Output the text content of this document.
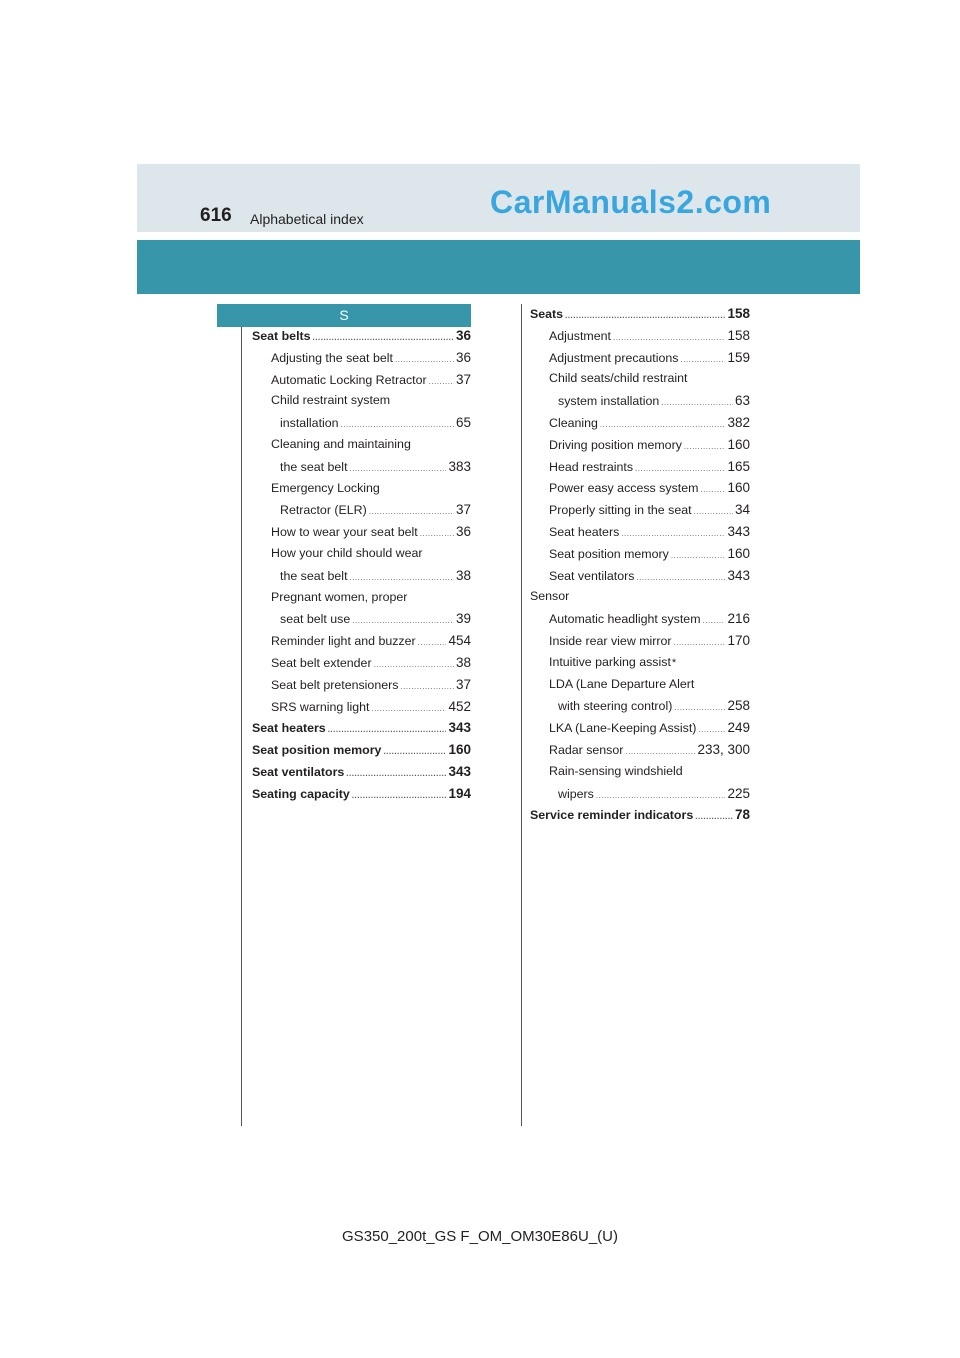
616 Alphabetical index	CarManuals2.com
S
Seat belts .....	36
Adjusting the seat belt .....	36
Automatic Locking Retractor ..... 37
Child restraint system
installation .....	65
Cleaning and maintaining
the seat belt .....	383
Emergency Locking
Retractor (ELR) .....	37
How to wear your seat belt .....	36
How your child should wear
the seat belt .....	38
Pregnant women, proper
seat belt use .....	39
Reminder light and buzzer ..... 454
Seat belt extender .....	38
Seat belt pretensioners .....	37
SRS warning light .....	452
Seat heaters .....	343
Seat position memory .....	160
Seat ventilators .....	343
Seating capacity .....	194
Seats .....	158
Adjustment .....	158
Adjustment precautions .....	159
Child seats/child restraint
system installation .....	63
Cleaning .....	382
Driving position memory .....	160
Head restraints .....	165
Power easy access system ..... 160
Properly sitting in the seat .....	34
Seat heaters .....	343
Seat position memory .....	160
Seat ventilators .....	343
Sensor
Automatic headlight system ..... 216
Inside rear view mirror .....	170
Intuitive parking assist *
LDA (Lane Departure Alert
with steering control) .....	258
LKA (Lane-Keeping Assist) ..... 249
Radar sensor .....	233, 300
Rain-sensing windshield
wipers .....	225
Service reminder indicators .....	78
GS350_200t_GS F_OM_OM30E86U_(U)
